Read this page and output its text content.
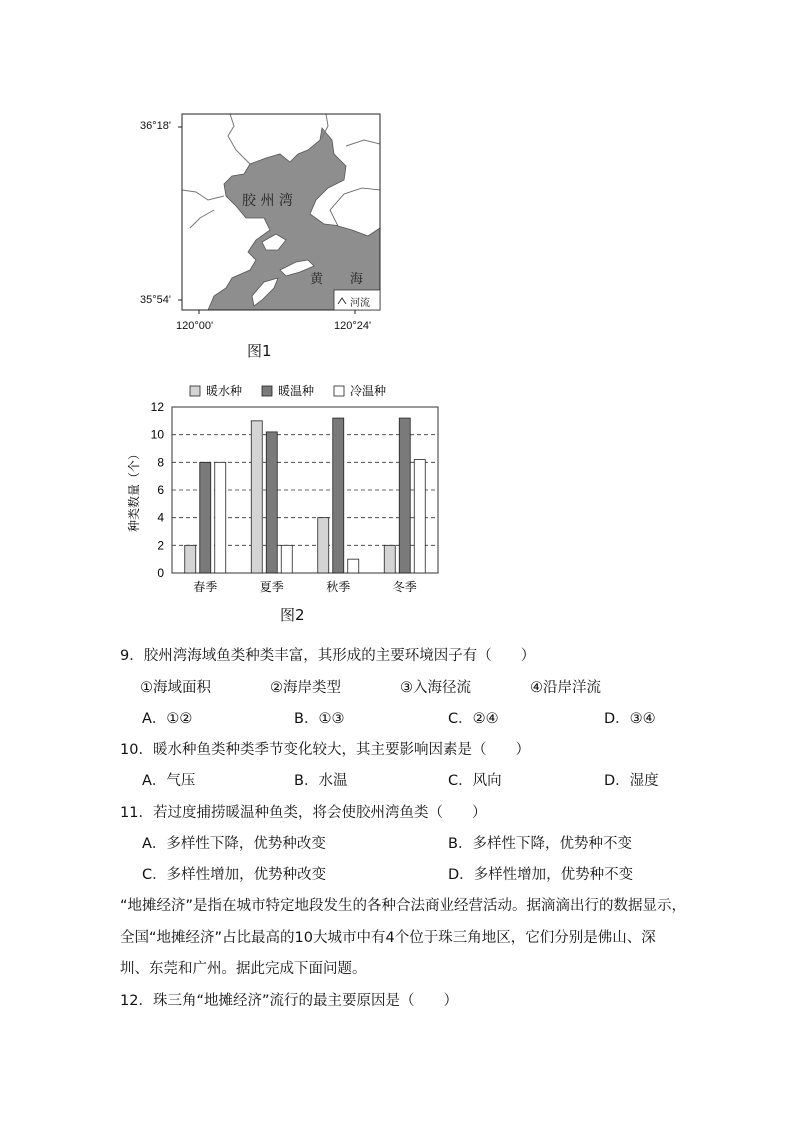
36°18'
35°54'
120°00'	120°24'
胶 州 湾
黄 海
河流
图1
0
2
4
6
8
10
12
春季	夏季	秋季	冬季
种类数量（个）
暖水种	暖温种	冷温种
图2
9．胶州湾海域鱼类种类丰富，其形成的主要环境因子有（　　）
①海域面积	②海岸类型	③入海径流	④沿岸洋流
A．①②	B．①③	C．②④	D．③④
10．暖水种鱼类种类季节变化较大，其主要影响因素是（　　）
A．气压	B．水温	C．风向	D．湿度
11．若过度捕捞暖温种鱼类，将会使胶州湾鱼类（　　）
A．多样性下降，优势种改变	B．多样性下降，优势种不变
C．多样性增加，优势种改变	D．多样性增加，优势种不变
“地摊经济”是指在城市特定地段发生的各种合法商业经营活动。据滴滴出行的数据显示，
全国“地摊经济”占比最高的10大城市中有4个位于珠三角地区，它们分别是佛山、深
圳、东莞和广州。据此完成下面问题。
12．珠三角“地摊经济”流行的最主要原因是（　　）
